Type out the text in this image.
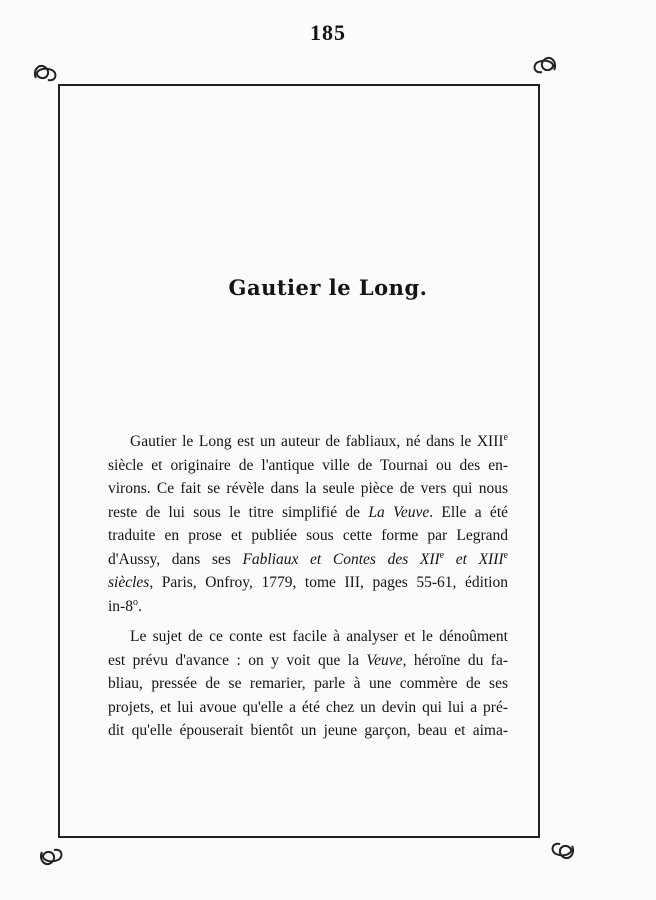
185
Gautier le Long.
Gautier le Long est un auteur de fabliaux, né dans le XIIIe
siècle et originaire de l'antique ville de Tournai ou des en-
virons. Ce fait se révèle dans la seule pièce de vers qui nous
reste de lui sous le titre simplifié de La Veuve. Elle a été
traduite en prose et publiée sous cette forme par Legrand
d'Aussy, dans ses Fabliaux et Contes des XIIe et XIIIe
siècles, Paris, Onfroy, 1779, tome III, pages 55-61, édition
in-8$^o$.
Le sujet de ce conte est facile à analyser et le dénoûment
est prévu d'avance : on y voit que la Veuve, héroïne du fa-
bliau, pressée de se remarier, parle à une commère de ses
projets, et lui avoue qu'elle a été chez un devin qui lui a pré-
dit qu'elle épouserait bientôt un jeune garçon, beau et aima-
